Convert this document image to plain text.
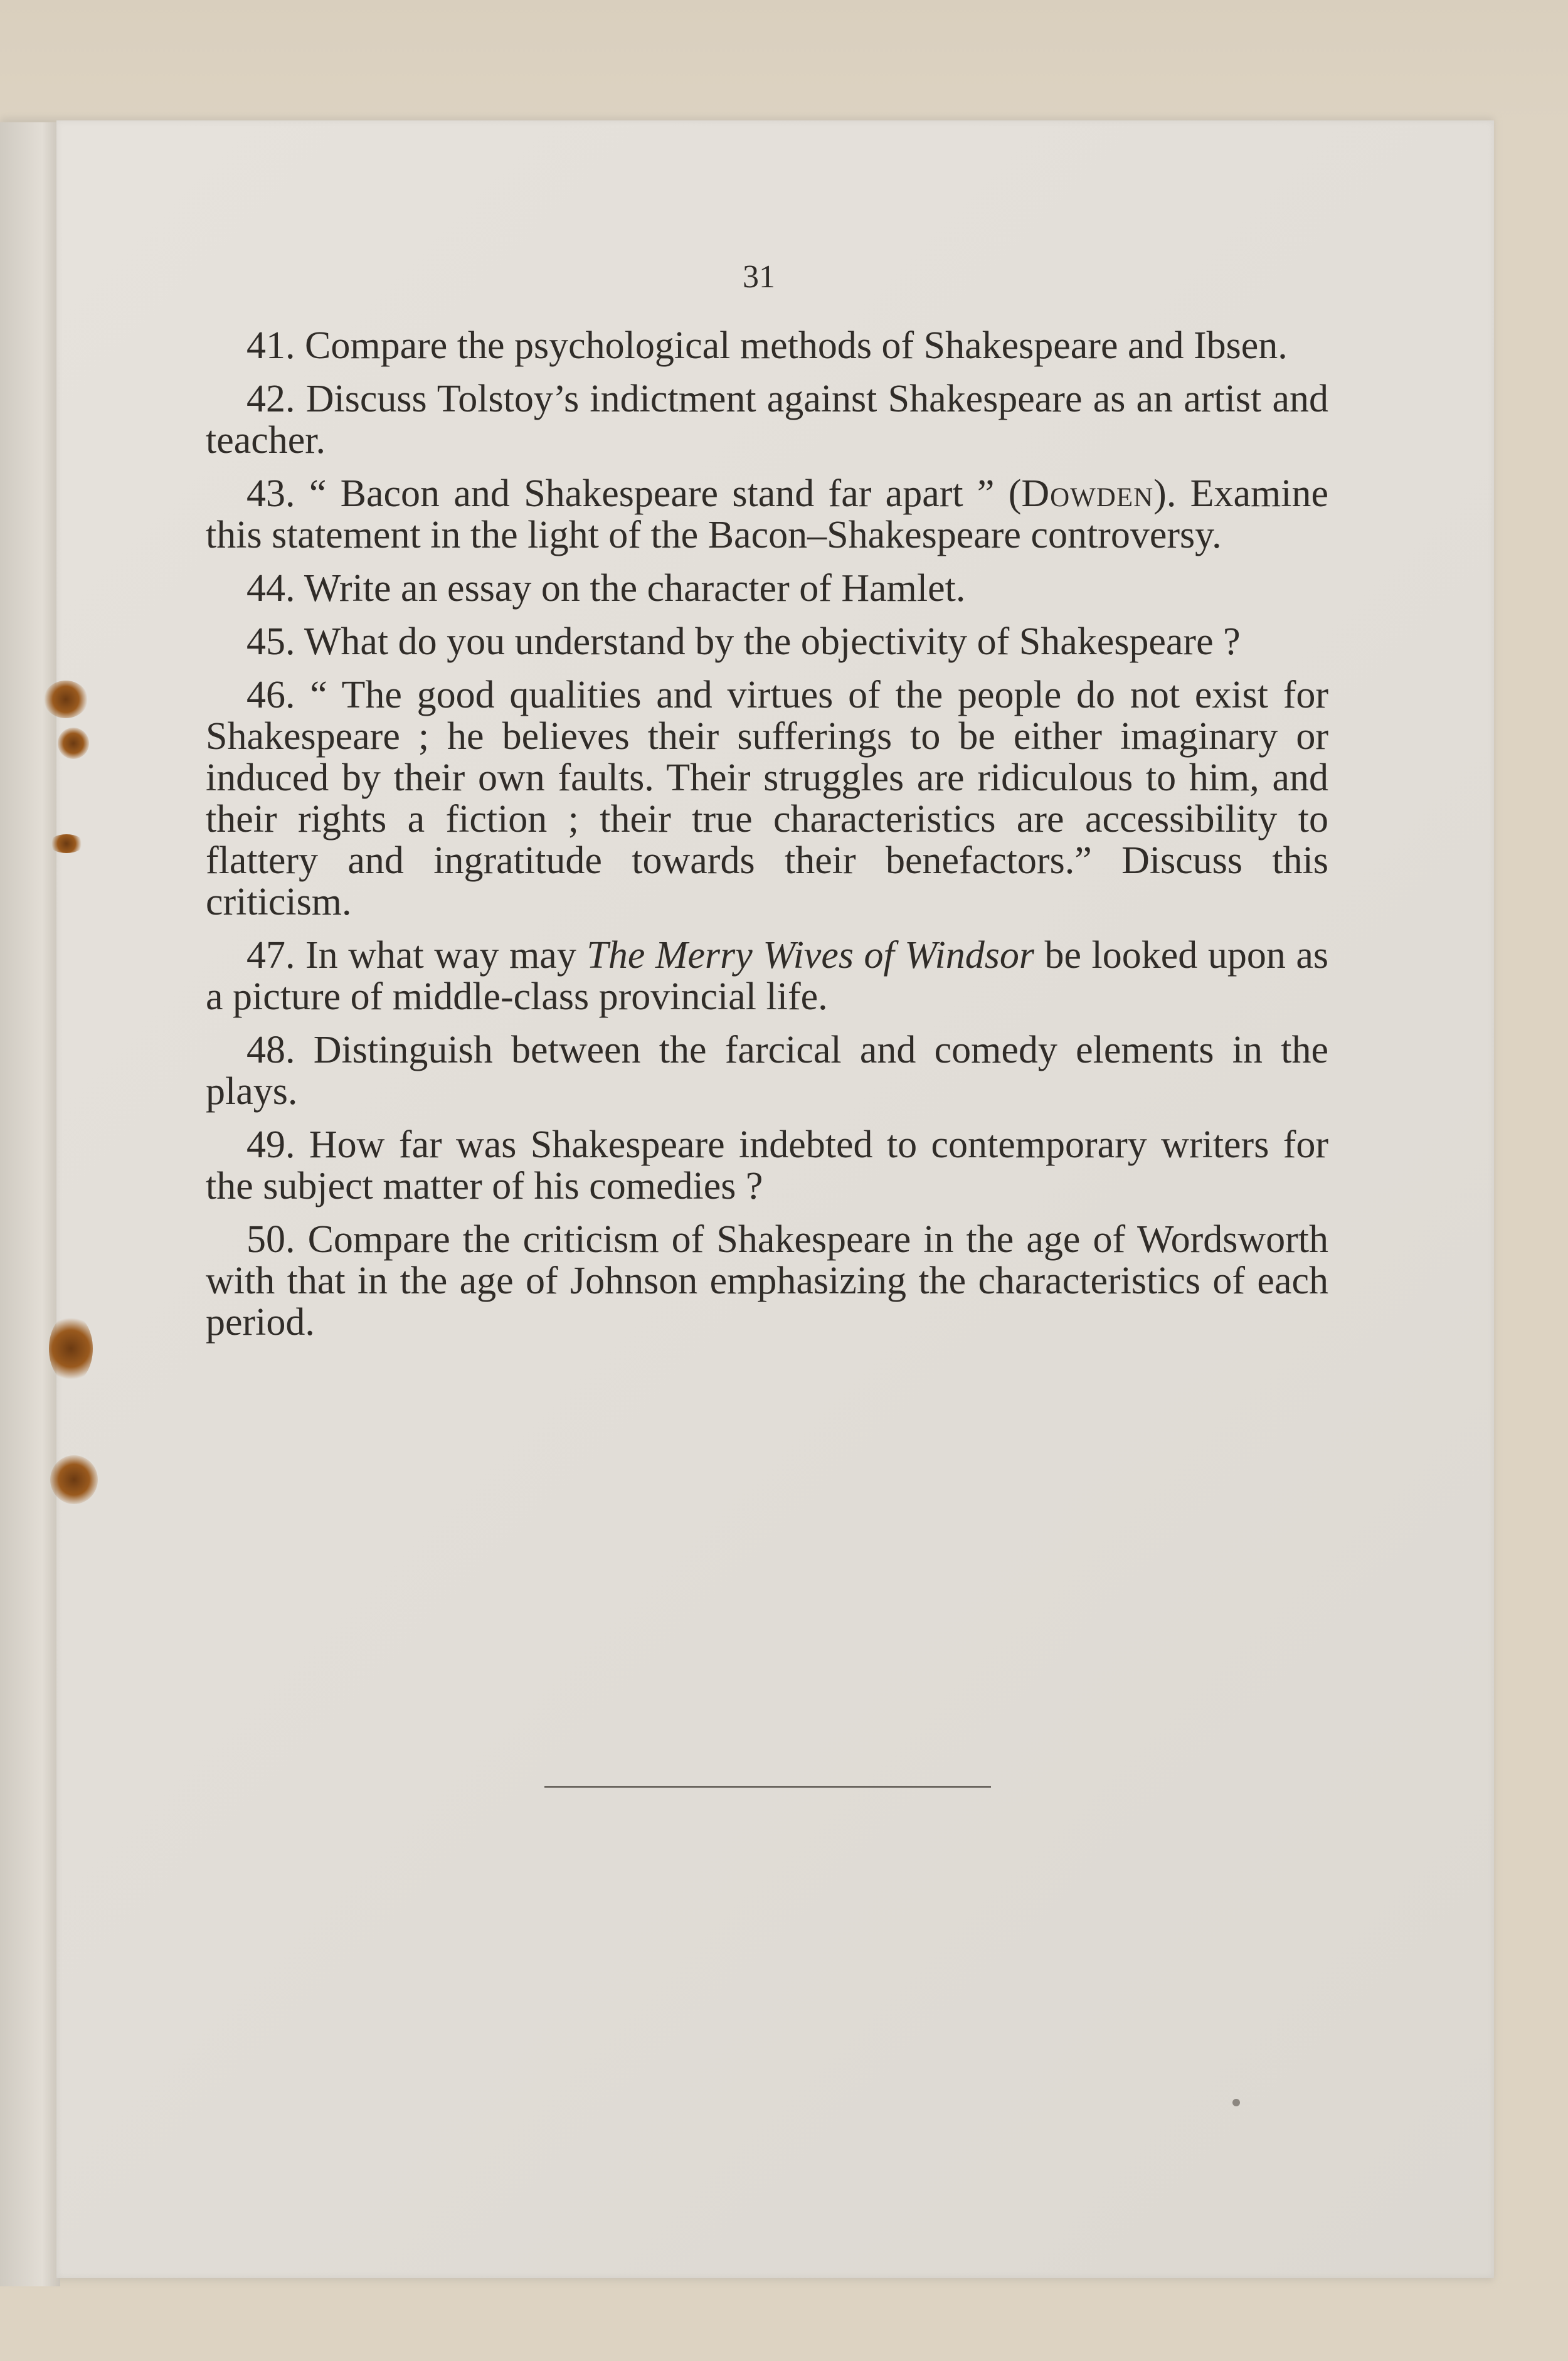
31

41. Compare the psychological methods of Shakespeare and Ibsen.

42. Discuss Tolstoy’s indictment against Shakespeare as an artist and teacher.

43. “ Bacon and Shakespeare stand far apart ” (Dowden). Examine this statement in the light of the Bacon–Shakespeare controversy.

44. Write an essay on the character of Hamlet.

45. What do you understand by the objectivity of Shakespeare ?

46. “ The good qualities and virtues of the people do not exist for Shakespeare ; he believes their sufferings to be either imaginary or induced by their own faults. Their struggles are ridiculous to him, and their rights a fiction ; their true characteristics are accessibility to flattery and ingratitude towards their benefactors.” Discuss this criticism.

47. In what way may The Merry Wives of Windsor be looked upon as a picture of middle-class provincial life.

48. Distinguish between the farcical and comedy elements in the plays.

49. How far was Shakespeare indebted to contemporary writers for the subject matter of his comedies ?

50. Compare the criticism of Shakespeare in the age of Wordsworth with that in the age of Johnson emphasizing the characteristics of each period.
